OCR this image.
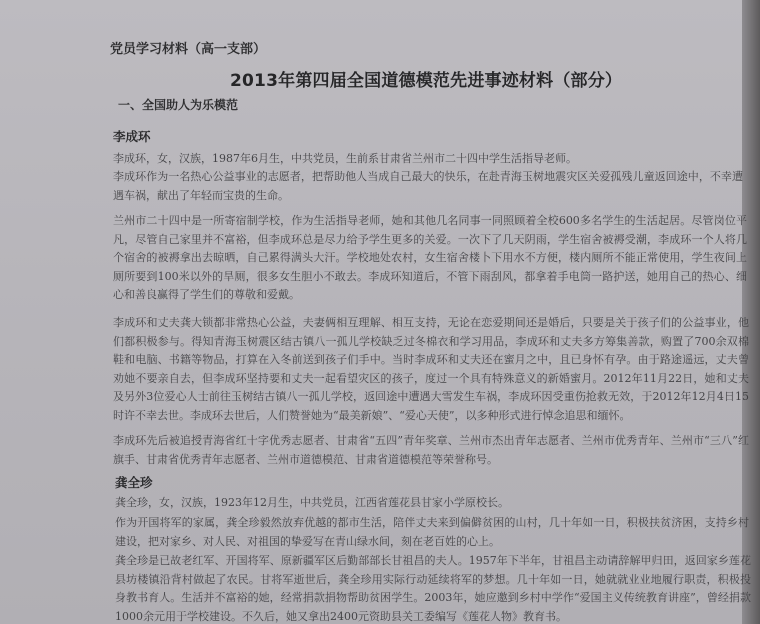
党员学习材料（高一支部）
2013年第四届全国道德模范先进事迹材料（部分）
一、全国助人为乐模范
李成环

李成环，女，汉族，1987年6月生，中共党员，生前系甘肃省兰州市二十四中学生活指导老师。

李成环作为一名热心公益事业的志愿者，把帮助他人当成自己最大的快乐，在赴青海玉树地震灾区关爱孤残儿童返回途中，不幸遭遇车祸，献出了年轻而宝贵的生命。

兰州市二十四中是一所寄宿制学校，作为生活指导老师，她和其他几名同事一同照顾着全校600多名学生的生活起居。尽管岗位平凡，尽管自己家里并不富裕，但李成环总是尽力给予学生更多的关爱。一次下了几天阴雨，学生宿舍被褥受潮，李成环一个人将几个宿舍的被褥拿出去晾晒，自己累得满头大汗。学校地处农村，女生宿舍楼卜下用水不方便，楼内厕所不能正常使用，学生夜间上厕所要到100米以外的旱厕，很多女生胆小不敢去。李成环知道后，不管下雨刮风，都拿着手电筒一路护送，她用自己的热心、细心和善良赢得了学生们的尊敬和爱戴。

李成环和丈夫龚大锁都非常热心公益，夫妻俩相互理解、相互支持，无论在恋爱期间还是婚后，只要是关于孩子们的公益事业，他们都积极参与。得知青海玉树震区结古镇八一孤儿学校缺乏过冬棉衣和学习用品，李成环和丈夫多方筹集善款，购置了700余双棉鞋和电脑、书籍等物品，打算在入冬前送到孩子们手中。当时李成环和丈夫还在蜜月之中，且已身怀有孕。由于路途遥远，丈夫曾劝她不要亲自去，但李成环坚持要和丈夫一起看望灾区的孩子，度过一个具有特殊意义的新婚蜜月。2012年11月22日，她和丈夫及另外3位爱心人士前往玉树结古镇八一孤儿学校，返回途中遭遇大雪发生车祸，李成环因受重伤抢救无效，于2012年12月4日15时许不幸去世。李成环去世后，人们赞誉她为“最美新娘”、“爱心天使”，以多种形式进行悼念追思和缅怀。

李成环先后被追授青海省红十字优秀志愿者、甘肃省“五四”青年奖章、兰州市杰出青年志愿者、兰州市优秀青年、兰州市“三八”红旗手、甘肃省优秀青年志愿者、兰州市道德模范、甘肃省道德模范等荣誉称号。

龚全珍

龚全珍，女，汉族，1923年12月生，中共党员，江西省莲花县甘家小学原校长。

作为开国将军的家属，龚全珍毅然放弃优越的都市生活，陪伴丈夫来到偏僻贫困的山村，几十年如一日，积极扶贫济困，支持乡村建设，把对家乡、对人民、对祖国的挚爱写在青山绿水间，刻在老百姓的心上。

龚全珍是已故老红军、开国将军、原新疆军区后勤部部长甘祖昌的夫人。1957年下半年，甘祖昌主动请辞解甲归田，返回家乡莲花县坊楼镇沿背村做起了农民。甘将军逝世后，龚全珍用实际行动延续将军的梦想。几十年如一日，她就就业业地履行职责，积极投身教书育人。生活并不富裕的她，经常捐款捐物帮助贫困学生。2003年，她应邀到乡村中学作“爱国主义传统教育讲座”，曾经捐款1000余元用于学校建设。不久后，她又拿出2400元资助县关工委编写《莲花人物》教育书。
